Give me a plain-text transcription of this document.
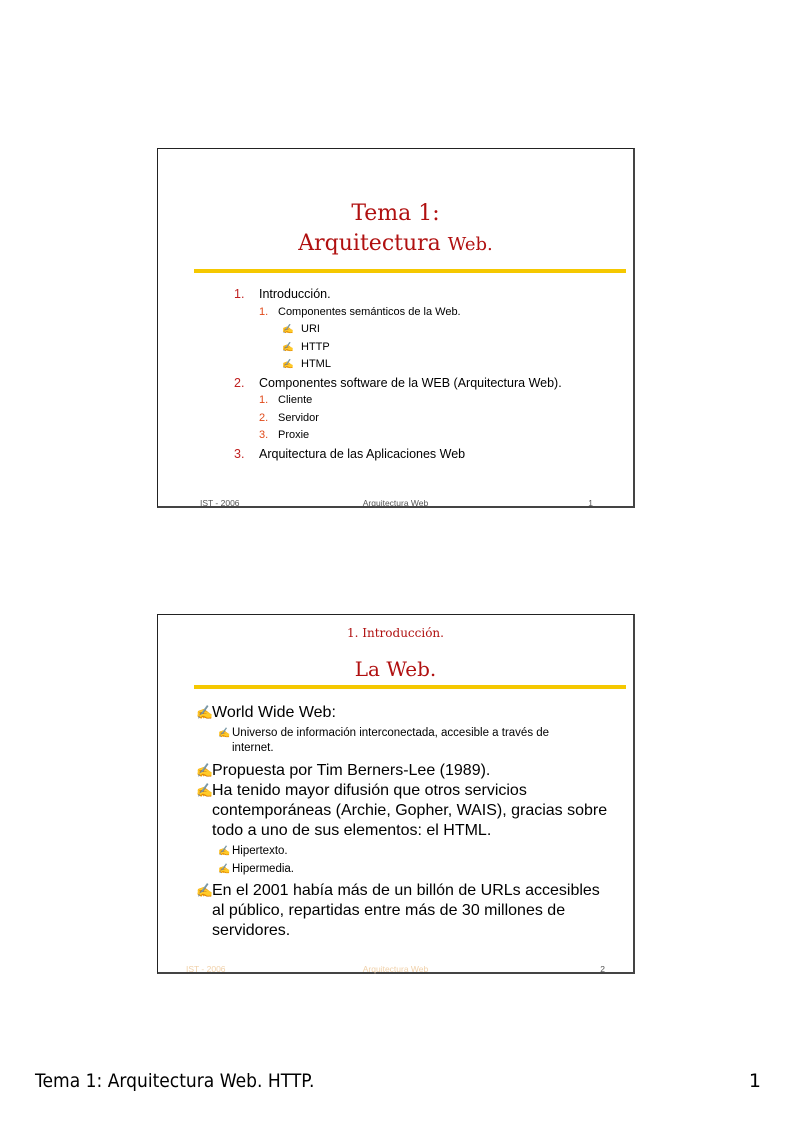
Tema 1:
Arquitectura Web.
1. Introducción.
1. Componentes semánticos de la Web.
✍ URI
✍ HTTP
✍ HTML
2. Componentes software de la WEB (Arquitectura Web).
1. Cliente
2. Servidor
3. Proxie
3. Arquitectura de las Aplicaciones Web
IST - 2006	Arquitectura Web	1
1. Introducción.
La Web.
✍World Wide Web:
✍ Universo de información interconectada, accesible a través de
internet.
✍Propuesta por Tim Berners-Lee (1989).
✍Ha tenido mayor difusión que otros servicios
contemporáneas (Archie, Gopher, WAIS), gracias sobre
todo a uno de sus elementos: el HTML.
✍ Hipertexto.
✍ Hipermedia.
✍En el 2001 había más de un billón de URLs accesibles
al público, repartidas entre más de 30 millones de
servidores.
IST - 2006	Arquitectura Web	2
Tema 1: Arquitectura Web. HTTP.	1
